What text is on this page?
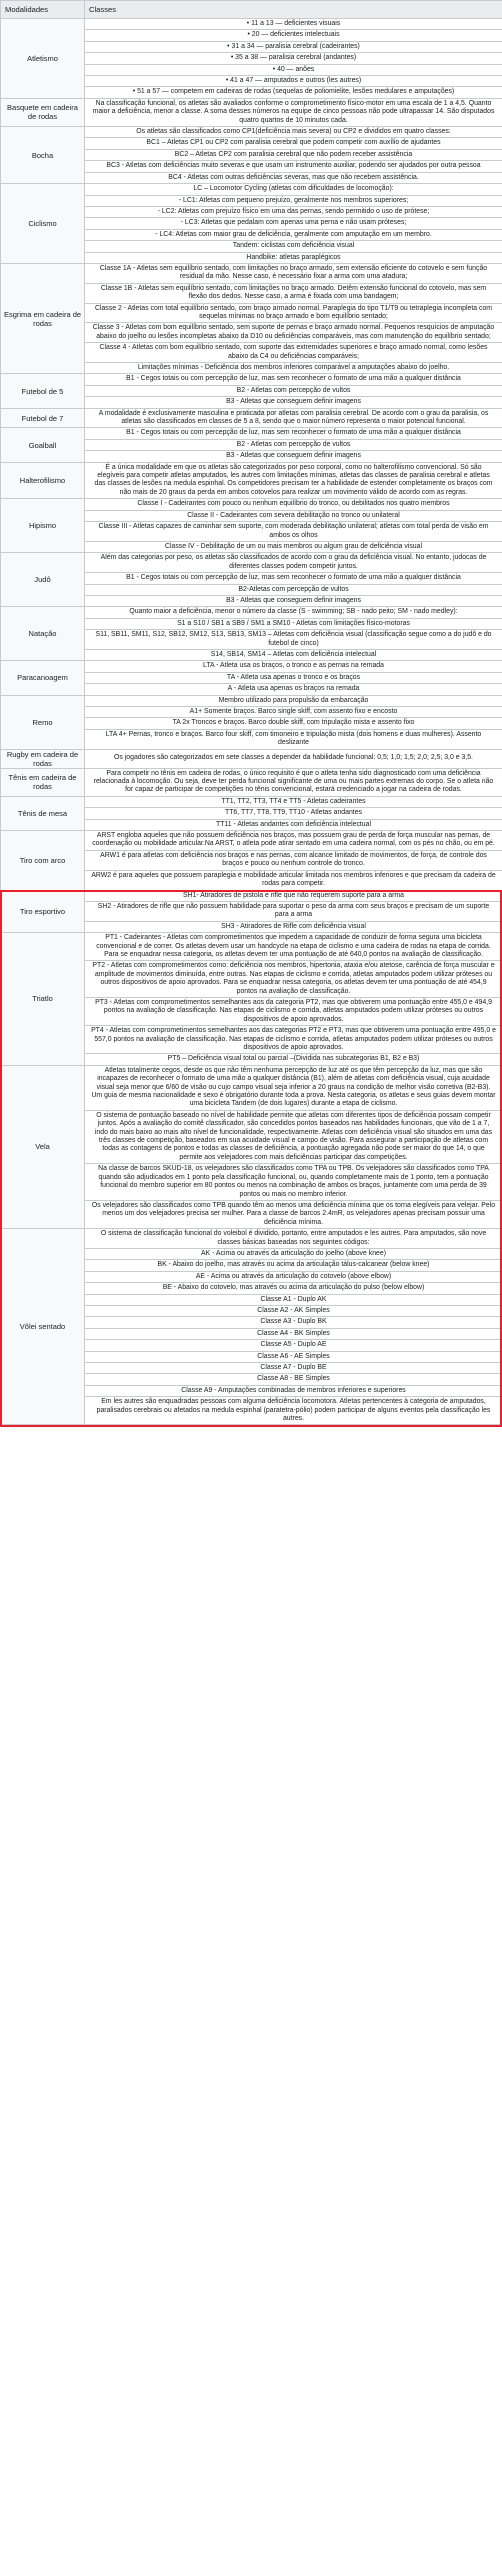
Modalidades	Classes
Atletismo	• 11 a 13 — deficientes visuais
	• 20 — deficientes intelectuais
	• 31 a 34 — paralisia cerebral (cadeirantes)
	• 35 a 38 — paralisia cerebral (andantes)
	• 40 — anões
	• 41 a 47 — amputados e outros (les autres)
	• 51 a 57 — competem em cadeiras de rodas (sequelas de poliomielite, lesões medulares e amputações)
Basquete em cadeira de rodas	Na classificação funcional, os atletas são avaliados conforme o comprometimento físico-motor em uma escala de 1 a 4,5. Quanto maior a deficiência, menor a classe. A soma desses números na equipe de cinco pessoas não pode ultrapassar 14. São disputados quatro quartos de 10 minutos cada.
Bocha	Os atletas são classificados como CP1(deficiência mais severa) ou CP2 e divididos em quatro classes:
	BC1 – Atletas CP1 ou CP2 com paralisia cerebral que podem competir com auxílio de ajudantes
	BC2 – Atletas CP2 com paralisia cerebral que não podem receber assistência
	BC3 - Atletas com deficiências muito severas e que usam um instrumento auxiliar, podendo ser ajudados por outra pessoa
	BC4 - Atletas com outras deficiências severas, mas que não recebem assistência.
Ciclismo	LC – Locomotor Cycling (atletas com dificuldades de locomoção):
	- LC1: Atletas com pequeno prejuízo, geralmente nos membros superiores;
	- LC2: Atletas com prejuízo físico em uma das pernas, sendo permitido o uso de prótese;
	- LC3: Atletas que pedalam com apenas uma perna e não usam próteses;
	- LC4: Atletas com maior grau de deficiência, geralmente com amputação em um membro.
	Tandem: ciclistas com deficiência visual
	Handbike: atletas paraplégicos
Esgrima em cadeira de rodas	Classe 1A - Atletas sem equilíbrio sentado, com limitações no braço armado, sem extensão eficiente do cotovelo e sem função residual da mão. Nesse caso, é necessário fixar a arma com uma atadura;
	Classe 1B - Atletas sem equilíbrio sentado, com limitações no braço armado. Detêm extensão funcional do cotovelo, mas sem flexão dos dedos. Nesse caso, a arma é fixada com uma bandagem;
	Classe 2 - Atletas com total equilíbrio sentado, com braço armado normal. Paraplegia do tipo T1/T9 ou tetraplegia incompleta com sequelas mínimas no braço armado e bom equilíbrio sentado;
	Classe 3 - Atletas com bom equilíbrio sentado, sem suporte de pernas e braço armado normal. Pequenos resquícios de amputação abaixo do joelho ou lesões incompletas abaixo da D10 ou deficiências comparáveis, mas com manutenção do equilíbrio sentado;
	Classe 4 - Atletas com bom equilíbrio sentado, com suporte das extremidades superiores e braço armado normal, como lesões abaixo da C4 ou deficiências comparáveis;
	Limitações mínimas - Deficiência dos membros inferiores comparável a amputações abaixo do joelho.
Futebol de 5	B1 - Cegos totais ou com percepção de luz, mas sem reconhecer o formato de uma mão a qualquer distância
	B2 - Atletas com percepção de vultos
	B3 - Atletas que conseguem definir imagens
Futebol de 7	A modalidade é exclusivamente masculina e praticada por atletas com paralisia cerebral. De acordo com o grau da paralisia, os atletas são classificados em classes de 5 a 8, sendo que o maior número representa o maior potencial funcional.
Goalball	B1 - Cegos totais ou com percepção de luz, mas sem reconhecer o formato de uma mão a qualquer distância
	B2 - Atletas com percepção de vultos
	B3 - Atletas que conseguem definir imagens
Halterofilismo	É a única modalidade em que os atletas são categorizados por peso corporal, como no halterofilismo convencional. Só são elegíveis para competir atletas amputados, les autres com limitações mínimas, atletas das classes de paralisia cerebral e atletas das classes de lesões na medula espinhal. Os competidores precisam ter a habilidade de estender completamente os braços com não mais de 20 graus da perda em ambos cotovelos para realizar um movimento válido de acordo com as regras.
Hipismo	Classe I - Cadeirantes com pouco ou nenhum equilíbrio do tronco, ou debilitados nos quatro membros
	Classe II - Cadeirantes com severa debilitação no tronco ou unilateral
	Classe III - Atletas capazes de caminhar sem suporte, com moderada debilitação unilateral; atletas com total perda de visão em ambos os olhos
	Classe IV - Debilitação de um ou mais membros ou algum grau de deficiência visual
Judô	Além das categorias por peso, os atletas são classificados de acordo com o grau da deficiência visual. No entanto, judocas de diferentes classes podem competir juntos.
	B1 - Cegos totais ou com percepção de luz, mas sem reconhecer o formato de uma mão a qualquer distância
	B2-Atletas com percepção de vultos
	B3 - Atletas que conseguem definir imagens
Natação	Quanto maior a deficiência, menor o número da classe (S - swimming; SB - nado peito; SM - nado medley):
	S1 a S10 / SB1 a SB9 / SM1 a SM10 - Atletas com limitações físico-motoras
	S11, SB11, SM11, S12, SB12, SM12, S13, SB13, SM13 – Atletas com deficiência visual (classificação segue como a do judô e do futebol de cinco)
	S14, SB14, SM14 – Atletas com deficiência intelectual
Paracanoagem	LTA - Atleta usa os braços, o tronco e as pernas na remada
	TA - Atleta usa apenas o tronco e os braços
	A - Atleta usa apenas os braços na remada
Remo	Membro utilizado para propulsão da embarcação
	A1+ Somente braços. Barco single skiff, com assento fixo e encosto
	TA 2x Troncos e braços. Barco double skiff, com tripulação mista e assento fixo
	LTA 4+ Pernas, tronco e braços. Barco four skiff, com timoneiro e tripulação mista (dois homens e duas mulheres). Assento deslizante
Rugby em cadeira de rodas	Os jogadores são categorizados em sete classes a depender da habilidade funcional: 0,5; 1,0; 1,5; 2,0; 2,5; 3,0 e 3,5.
Tênis em cadeira de rodas	Para competir no tênis em cadeira de rodas, o único requisito é que o atleta tenha sido diagnosticado com uma deficiência relacionada à locomoção. Ou seja, deve ter perda funcional significante de uma ou mais partes extremas do corpo. Se o atleta não for capaz de participar de competições no tênis convencional, estará credenciado a jogar na cadeira de rodas.
Tênis de mesa	TT1, TT2, TT3, TT4 e TT5 - Atletas cadeirantes
	TT6, TT7, TT8, TT9, TT10 - Atletas andantes
	TT11 - Atletas andantes com deficiência intelectual
Tiro com arco	ARST engloba aqueles que não possuem deficiência nos braços, mas possuem grau de perda de força muscular nas pernas, de coordenação ou mobilidade articular.Na ARST, o atleta pode atirar sentado em uma cadeira normal, com os pés no chão, ou em pé.
	ARW1 é para atletas com deficiência nos braços e nas pernas, com alcance limitado de movimentos, de força, de controle dos braços e pouco ou nenhum controle do tronco.
	ARW2 é para aqueles que possuem paraplegia e mobilidade articular limitada nos membros inferiores e que precisam da cadeira de rodas para competir.
Tiro esportivo	SH1- Atiradores de pistola e rifle que não requerem suporte para a arma
	SH2 - Atiradores de rifle que não possuem habilidade para suportar o peso da arma com seus braços e precisam de um suporte para a arma
	SH3 - Atiradores de Rifle com deficiência visual
Triatlo	PT1 - Cadeirantes - Atletas com comprometimentos que impedem a capacidade de conduzir de forma segura uma bicicleta convencional e de correr. Os atletas devem usar um handcycle na etapa de ciclismo e uma cadeira de rodas na etapa de corrida. Para se enquadrar nessa categoria, os atletas devem ter uma pontuação de até 640,0 pontos na avaliação de classificação.
	PT2 - Atletas com comprometimentos como: deficiência nos membros, hipertonia, ataxia e/ou atetose, carência de força muscular e amplitude de movimentos diminuída, entre outras. Nas etapas de ciclismo e corrida, atletas amputados podem utilizar próteses ou outros dispositivos de apoio aprovados. Para se enquadrar nessa categoria, os atletas devem ter uma pontuação de até 454,9 pontos na avaliação de classificação.
	PT3 - Atletas com comprometimentos semelhantes aos da categoria PT2, mas que obtiverem uma pontuação entre 455,0 e 494,9 pontos na avaliação de classificação. Nas etapas de ciclismo e corrida, atletas amputados podem utilizar próteses ou outros dispositivos de apoio aprovados.
	PT4 - Atletas com comprometimentos semelhantes aos das categorias PT2 e PT3, mas que obtiverem uma pontuação entre 495,0 e 557,0 pontos na avaliação de classificação. Nas etapas de ciclismo e corrida, atletas amputados podem utilizar próteses ou outros dispositivos de apoio aprovados.
	PT5 – Deficiência visual total ou parcial –(Dividida nas subcategorias B1, B2 e B3)
Vela	Atletas totalmente cegos, desde os que não têm nenhuma percepção de luz até os que têm percepção da luz, mas que são incapazes de reconhecer o formato de uma mão a qualquer distância (B1), além de atletas com deficiência visual, cuja acuidade visual seja menor que 6/60 de visão ou cujo campo visual seja inferior a 20 graus na condição de melhor visão corretiva (B2-B3). Um guia de mesma nacionalidade e sexo é obrigatório durante toda a prova. Nesta categoria, os atletas e seus guias devem montar uma bicicleta Tandem (de dois lugares) durante a etapa de ciclismo.
	O sistema de pontuação baseado no nível de habilidade permite que atletas com diferentes tipos de deficiência possam competir juntos. Após a avaliação do comitê classificador, são concedidos pontos baseados nas habilidades funcionais, que vão de 1 a 7, indo do mais baixo ao mais alto nível de funcionalidade, respectivamente. Atletas com deficiência visual são situados em uma das três classes de competição, baseados em sua acuidade visual e campo de visão. Para assegurar a participação de atletas com todas as contagens de pontos e todas as classes de deficiência, a pontuação agregada não pode ser maior do que 14, o que permite aos velejadores com mais deficiências participar das competições.
	Na classe de barcos SKUD-18, os velejadores são classificados como TPA ou TPB. Os velejadores são classificados como TPA quando são adjudicados em 1 ponto pela classificação funcional, ou, quando completamente mais de 1 ponto, tem a pontuação funcional do membro superior em 80 pontos ou menos na combinação de ambos os braços, juntamente com uma perda de 39 pontos ou mais no membro inferior.
	Os velejadores são classificados como TPB quando têm ao menos uma deficiência mínima que os torna elegíveis para velejar. Pelo menos um dos velejadores precisa ser mulher. Para a classe de barcos 2.4mR, os velejadores apenas precisam possuir uma deficiência mínima.
Vôlei sentado	O sistema de classificação funcional do voleibol é dividido, portanto, entre amputados e les autres. Para amputados, são nove classes básicas baseadas nos seguintes códigos:
	AK - Acima ou através da articulação do joelho (above knee)
	BK - Abaixo do joelho, mas através ou acima da articulação tálus-calcanear (below knee)
	AE - Acima ou através da articulação do cotovelo (above elbow)
	BE - Abaixo do cotovelo, mas através ou acima da articulação do pulso (below elbow)
	Classe A1 - Duplo AK
	Classe A2 - AK Simples
	Classe A3 - Duplo BK
	Classe A4 - BK Simples
	Classe A5 - Duplo AE
	Classe A6 - AE Simples
	Classe A7 - Duplo BE
	Classe A8 - BE Simples
	Classe A9 - Amputações combinadas de membros inferiores e superiores
	Em les autres são enquadradas pessoas com alguma deficiência locomotora. Atletas pertencentes à categoria de amputados, paralisados cerebrais ou afetados na medula espinhal (paratetra-pólio) podem participar de alguns eventos pela classificação les autres.
